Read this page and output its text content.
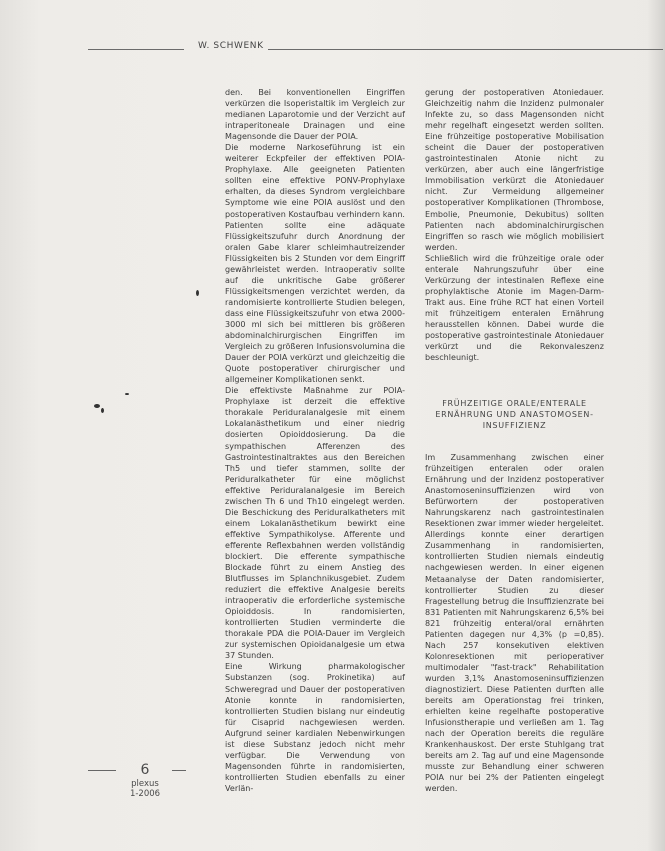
W. SCHWENK

den. Bei konventionellen Eingriffen verkürzen die Isoperistaltik im Vergleich zur medianen Laparotomie und der Verzicht auf intraperitoneale Drainagen und eine Magensonde die Dauer der POIA.

Die moderne Narkoseführung ist ein weiterer Eckpfeiler der effektiven POIA-Prophylaxe. Alle geeigneten Patienten sollten eine effektive PONV-Prophylaxe erhalten, da dieses Syndrom vergleichbare Symptome wie eine POIA auslöst und den postoperativen Kostaufbau verhindern kann. Patienten sollte eine adäquate Flüssigkeitszufuhr durch Anordnung der oralen Gabe klarer schleimhautreizender Flüssigkeiten bis 2 Stunden vor dem Eingriff gewährleistet werden. Intraoperativ sollte auf die unkritische Gabe größerer Flüssigkeitsmengen verzichtet werden, da randomisierte kontrollierte Studien belegen, dass eine Flüssigkeitszufuhr von etwa 2000-3000 ml sich bei mittleren bis größeren abdominalchirurgischen Eingriffen im Vergleich zu größeren Infusionsvolumina die Dauer der POIA verkürzt und gleichzeitig die Quote postoperativer chirurgischer und allgemeiner Komplikationen senkt.

Die effektivste Maßnahme zur POIA-Prophylaxe ist derzeit die effektive thorakale Periduralanalgesie mit einem Lokalanästhetikum und einer niedrig dosierten Opioiddosierung. Da die sympathischen Afferenzen des Gastrointestinaltraktes aus den Bereichen Th5 und tiefer stammen, sollte der Periduralkatheter für eine möglichst effektive Periduralanalgesie im Bereich zwischen Th 6 und Th10 eingelegt werden. Die Beschickung des Periduralkatheters mit einem Lokalanästhetikum bewirkt eine effektive Sympathikolyse. Afferente und efferente Reflexbahnen werden vollständig blockiert. Die efferente sympathische Blockade führt zu einem Anstieg des Blutflusses im Splanchnikusgebiet. Zudem reduziert die effektive Analgesie bereits intraoperativ die erforderliche systemische Opioiddosis. In randomisierten, kontrollierten Studien verminderte die thorakale PDA die POIA-Dauer im Vergleich zur systemischen Opioidanalgesie um etwa 37 Stunden.

Eine Wirkung pharmakologischer Substanzen (sog. Prokinetika) auf Schweregrad und Dauer der postoperativen Atonie konnte in randomisierten, kontrollierten Studien bislang nur eindeutig für Cisaprid nachgewiesen werden. Aufgrund seiner kardialen Nebenwirkungen ist diese Substanz jedoch nicht mehr verfügbar. Die Verwendung von Magensonden führte in randomisierten, kontrollierten Studien ebenfalls zu einer Verlän-

gerung der postoperativen Atoniedauer. Gleichzeitig nahm die Inzidenz pulmonaler Infekte zu, so dass Magensonden nicht mehr regelhaft eingesetzt werden sollten. Eine frühzeitige postoperative Mobilisation scheint die Dauer der postoperativen gastrointestinalen Atonie nicht zu verkürzen, aber auch eine längerfristige Immobilisation verkürzt die Atoniedauer nicht. Zur Vermeidung allgemeiner postoperativer Komplikationen (Thrombose, Embolie, Pneumonie, Dekubitus) sollten Patienten nach abdominalchirurgischen Eingriffen so rasch wie möglich mobilisiert werden.

Schließlich wird die frühzeitige orale oder enterale Nahrungszufuhr über eine Verkürzung der intestinalen Reflexe eine prophylaktische Atonie im Magen-Darm-Trakt aus. Eine frühe RCT hat einen Vorteil mit frühzeitigem enteralen Ernährung herausstellen können. Dabei wurde die postoperative gastrointestinale Atoniedauer verkürzt und die Rekonvaleszenz beschleunigt.

FRÜHZEITIGE ORALE/ENTERALE

ERNÄHRUNG UND ANASTOMOSEN-

INSUFFIZIENZ

Im Zusammenhang zwischen einer frühzeitigen enteralen oder oralen Ernährung und der Inzidenz postoperativer Anastomoseninsuffizienzen wird von Befürwortern der postoperativen Nahrungskarenz nach gastrointestinalen Resektionen zwar immer wieder hergeleitet. Allerdings konnte einer derartigen Zusammenhang in randomisierten, kontrollierten Studien niemals eindeutig nachgewiesen werden. In einer eigenen Metaanalyse der Daten randomisierter, kontrollierter Studien zu dieser Fragestellung betrug die Insuffizienzrate bei 831 Patienten mit Nahrungskarenz 6,5% bei 821 frühzeitig enteral/oral ernährten Patienten dagegen nur 4,3% (p =0,85). Nach 257 konsekutiven elektiven Kolonresektionen mit perioperativer multimodaler "fast-track" Rehabilitation wurden 3,1% Anastomoseninsuffizienzen diagnostiziert. Diese Patienten durften alle bereits am Operationstag frei trinken, erhielten keine regelhafte postoperative Infusionstherapie und verließen am 1. Tag nach der Operation bereits die reguläre Krankenhauskost. Der erste Stuhlgang trat bereits am 2. Tag auf und eine Magensonde musste zur Behandlung einer schweren POIA nur bei 2% der Patienten eingelegt werden.

6
plexus
1-2006
